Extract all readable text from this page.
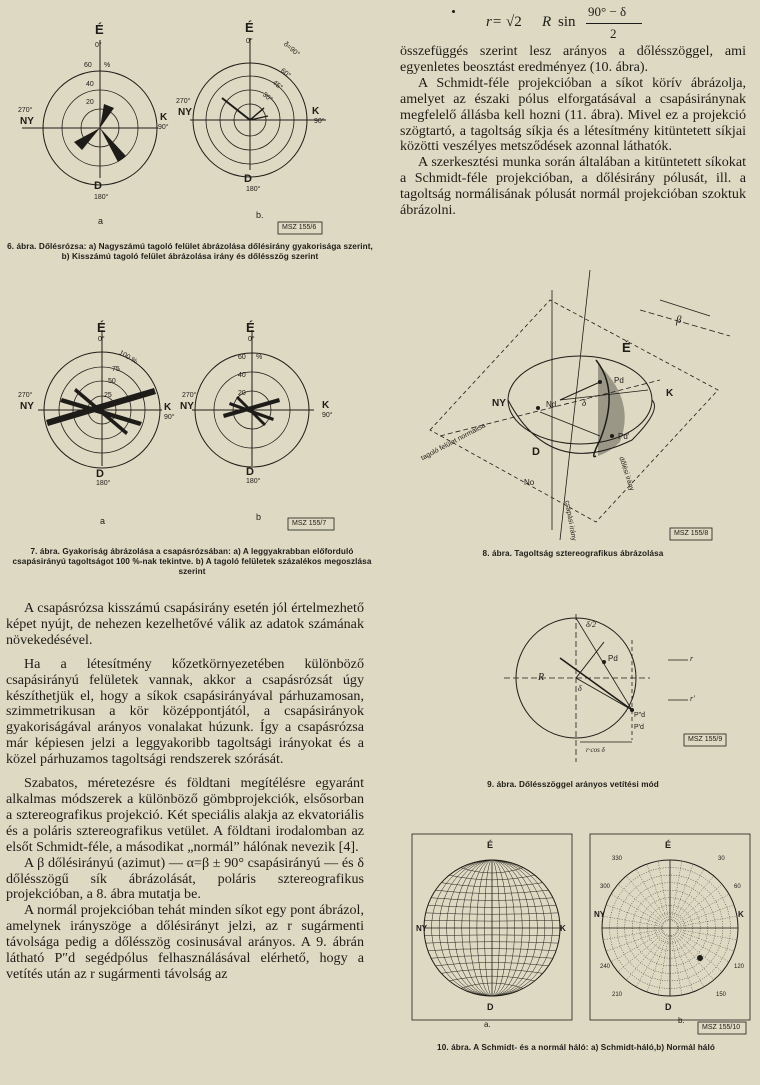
r= √2 R sin
90° − δ
2

összefüggés szerint lesz arányos a dőlésszöggel, ami egyenletes beosztást eredményez (10. ábra).

A Schmidt-féle projekcióban a síkot körív ábrázolja, amelyet az északi pólus elforgatásával a csapásiránynak megfelelő állásba kell hozni (11. ábra). Mivel ez a projekció szögtartó, a tagoltság síkja és a létesítmény kitüntetett síkjai közötti veszélyes metsződések azonnal láthatók.

A szerkesztési munka során általában a kitüntetett síkokat a Schmidt-féle projekcióban, a dőlésirány pólusát, ill. a tagoltság normálisának pólusát normál projekcióban szoktuk ábrázolni.

É
0°
60 %
40
20
270°
NY	K
90°
D
180°
a
É
0°	δ=90°
60°
45°
30°
270°
NY	K
90°
D
180°
b.
MSZ 155/6
6. ábra. Dőlésrózsa: a) Nagyszámú tagoló felület ábrázolása dőlésirány gyakorisága szerint, b) Kisszámú tagoló felület ábrázolása irány és dőlésszög szerint
É
0°
100 %
75
50
25
270°
NY	K
90°
D
180°
a
É
0°
60 %
40
20
270°
NY	K
90°
D
180°
b
MSZ 155/7
7. ábra. Gyakoriság ábrázolása a csapásrózsában: a) A leggyakrabban előforduló csapásirányú tagoltságot 100 %-nak tekintve. b) A tagoló felületek százalékos megoszlása szerint

A csapásrózsa kisszámú csapásirány esetén jól értelmezhető képet nyújt, de nehezen kezelhetővé válik az adatok számának növekedésével.

Ha a létesítmény kőzetkörnyezetében különböző csapásirányú felületek vannak, akkor a csapásrózsát úgy készíthetjük el, hogy a síkok csapásirányával párhuzamosan, szimmetrikusan a kör középpontjától, a csapásirányok gyakoriságával arányos vonalakat húzunk. Így a csapásrózsa már képiesen jelzi a leggyakoribb tagoltsági irányokat és a közel párhuzamos tagoltsági rendszerek szórását.

Szabatos, méretezésre és földtani megítélésre egyaránt alkalmas módszerek a különböző gömbprojekciók, elsősorban a sztereografikus projekció. Két speciális alakja az ekvatoriális és a poláris sztereografikus vetület. A földtani irodalomban az elsőt Schmidt-féle, a másodikat „normál” hálónak nevezik [4].

A β dőlésirányú (azimut) — α=β ± 90° csapásirányú — és δ dőlésszögű sík ábrázolását, poláris sztereografikus projekcióban, a 8. ábra mutatja be.

A normál projekcióban tehát minden síkot egy pont ábrázol, amelynek irányszöge a dőlésirányt jelzi, az r sugármenti távolsága pedig a dőlésszög cosinusával arányos. A 9. ábrán látható P″d segédpólus felhasználásával elérhető, hogy a vetítés után az r sugármenti távolság az

β
É
NY
K
D
Pd
Nd
Pd'
No
δ
tagoló felület normálisa
dőlési irány
csapási irány	MSZ 155/8
8. ábra. Tagoltság sztereografikus ábrázolása
δ/2
Pd
R
δ
r
P"d
P'd
r·cos δ
r'
MSZ 155/9
9. ábra. Dőlésszöggel arányos vetítési mód
É
NY	K
D
a.
É
NY	K
D
330	30
300	60
240	120
210	150
b.
MSZ 155/10
10. ábra. A Schmidt- és a normál háló: a) Schmidt-háló,b) Normál háló
